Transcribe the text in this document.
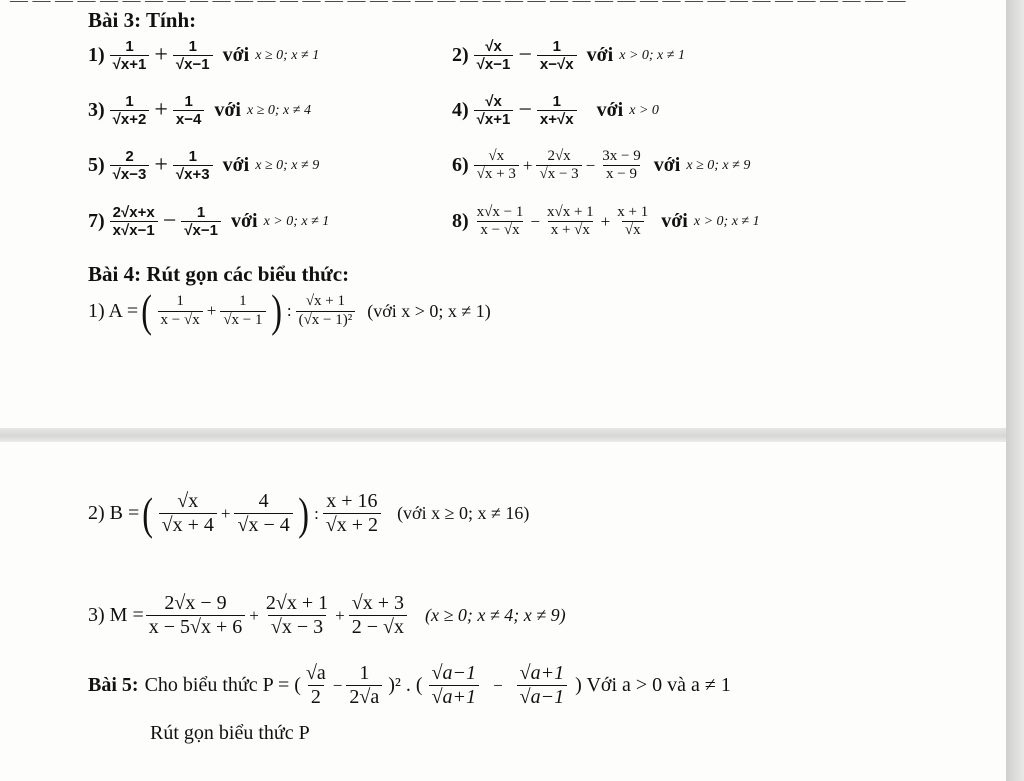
— — — — — — — — — — — — — — — — — — — — — — — — — — — — — — — — — — — — — — — —
Bài 3: Tính:
$1) \frac{1}{√x+1} + \frac{1}{√x-1}$ với x ≥ 0; x ≠ 1	$2) \frac{√x}{√x-1} - \frac{1}{x-√x}$ với x > 0; x ≠ 1
$3) \frac{1}{√x+2} + \frac{1}{x-4}$ với x ≥ 0; x ≠ 4	$4) \frac{√x}{√x+1} - \frac{1}{x+√x}$ với x > 0
$5) \frac{2}{√x-3} + \frac{1}{√x+3}$ với x ≥ 0; x ≠ 9	$6) \frac{√x}{√x + 3} + \frac{2√x}{√x - 3} - \frac{3x - 9}{x - 9}$ với x ≥ 0; x ≠ 9
$7) \frac{2√x+x}{x√x-1} - \frac{1}{√x-1}$ với x > 0; x ≠ 1	$8) \frac{x√x - 1}{x - √x} - \frac{x√x + 1}{x + √x} + \frac{x + 1}{√x}$ với x > 0; x ≠ 1
Bài 4: Rút gọn các biểu thức:
1) A = ( $\frac{1}{x - √x} + \frac{1}{√x - 1}$ ) : $\frac{√x + 1}{\text{(√x − 1)²}}$ (với x > 0; x ≠ 1)
2) B = ( $\frac{√x}{√x + 4} + \frac{4}{√x - 4}$ ) : $\frac{x + 16}{√x + 2}$ (với x ≥ 0; x ≠ 16)
3) $M = \frac{2√x - 9}{x - 5√x + 6} + \frac{2√x + 1}{√x - 3} + \frac{√x + 3}{2 - √x} (x \ge 0$; x ≠ 4; x ≠ 9)
Bài 5: Cho biểu thức P = ( $\frac{√a}{2} - \frac{1}{2√a} )^2$ . ( $\frac{√a-1}{√a+1} - \frac{√a+1}{√a-1}$ ) Với a > 0 và a ≠ 1
Rút gọn biểu thức P
